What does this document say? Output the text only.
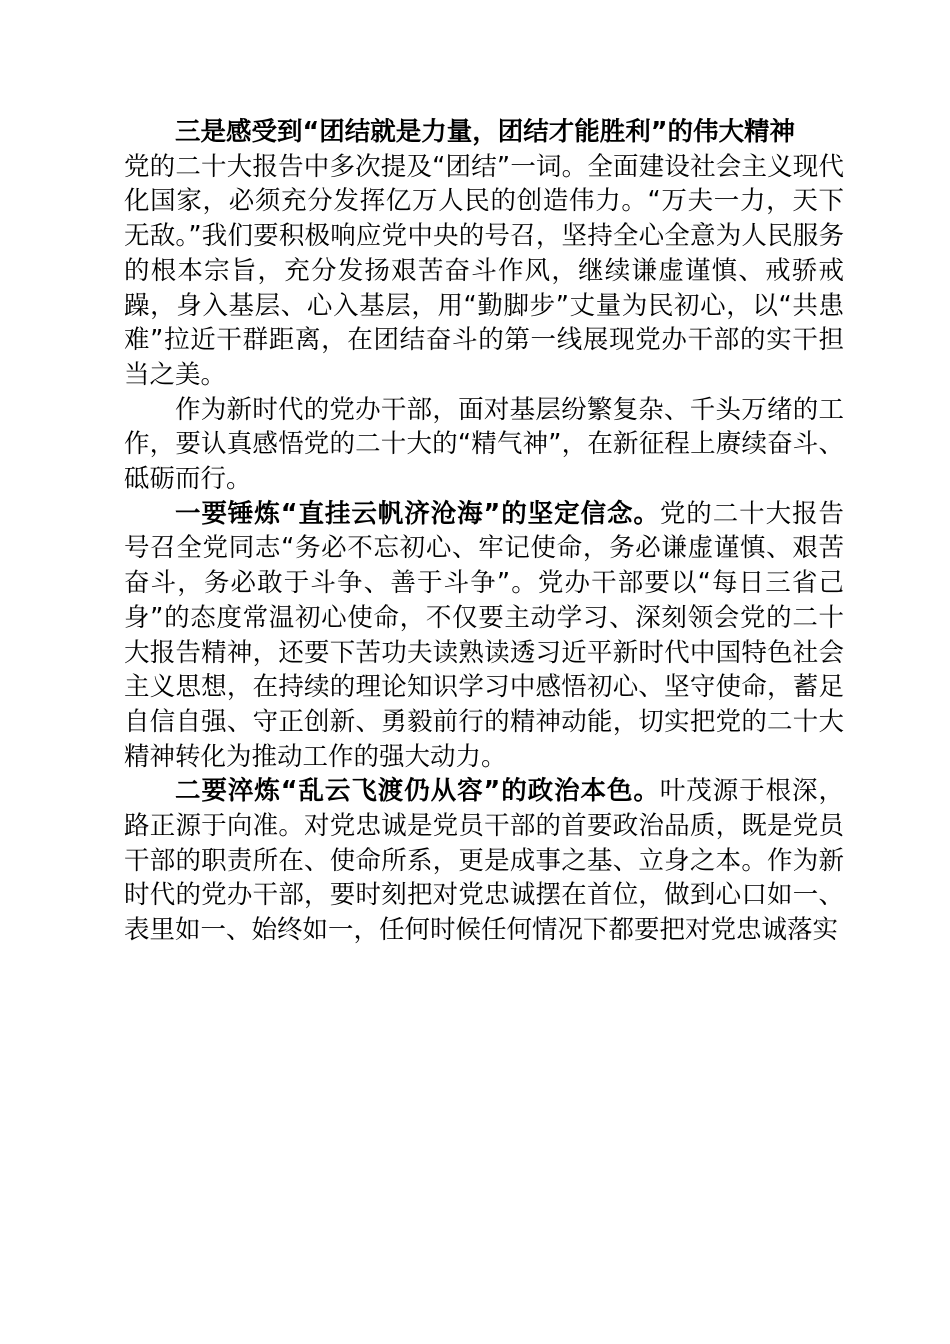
三是感受到“团结就是力量，团结才能胜利”的伟大精神

党的二十大报告中多次提及“团结”一词。全面建设社会主义现代化国家，必须充分发挥亿万人民的创造伟力。“万夫一力，天下无敌。”我们要积极响应党中央的号召，坚持全心全意为人民服务的根本宗旨，充分发扬艰苦奋斗作风，继续谦虚谨慎、戒骄戒躁，身入基层、心入基层，用“勤脚步”丈量为民初心，以“共患难”拉近干群距离，在团结奋斗的第一线展现党办干部的实干担当之美。

作为新时代的党办干部，面对基层纷繁复杂、千头万绪的工作，要认真感悟党的二十大的“精气神”，在新征程上赓续奋斗、砥砺而行。

一要锤炼“直挂云帆济沧海”的坚定信念。党的二十大报告号召全党同志“务必不忘初心、牢记使命，务必谦虚谨慎、艰苦奋斗，务必敢于斗争、善于斗争”。党办干部要以“每日三省己身”的态度常温初心使命，不仅要主动学习、深刻领会党的二十大报告精神，还要下苦功夫读熟读透习近平新时代中国特色社会主义思想，在持续的理论知识学习中感悟初心、坚守使命，蓄足自信自强、守正创新、勇毅前行的精神动能，切实把党的二十大精神转化为推动工作的强大动力。

二要淬炼“乱云飞渡仍从容”的政治本色。叶茂源于根深，路正源于向准。对党忠诚是党员干部的首要政治品质，既是党员干部的职责所在、使命所系，更是成事之基、立身之本。作为新时代的党办干部，要时刻把对党忠诚摆在首位，做到心口如一、表里如一、始终如一，任何时候任何情况下都要把对党忠诚落实
